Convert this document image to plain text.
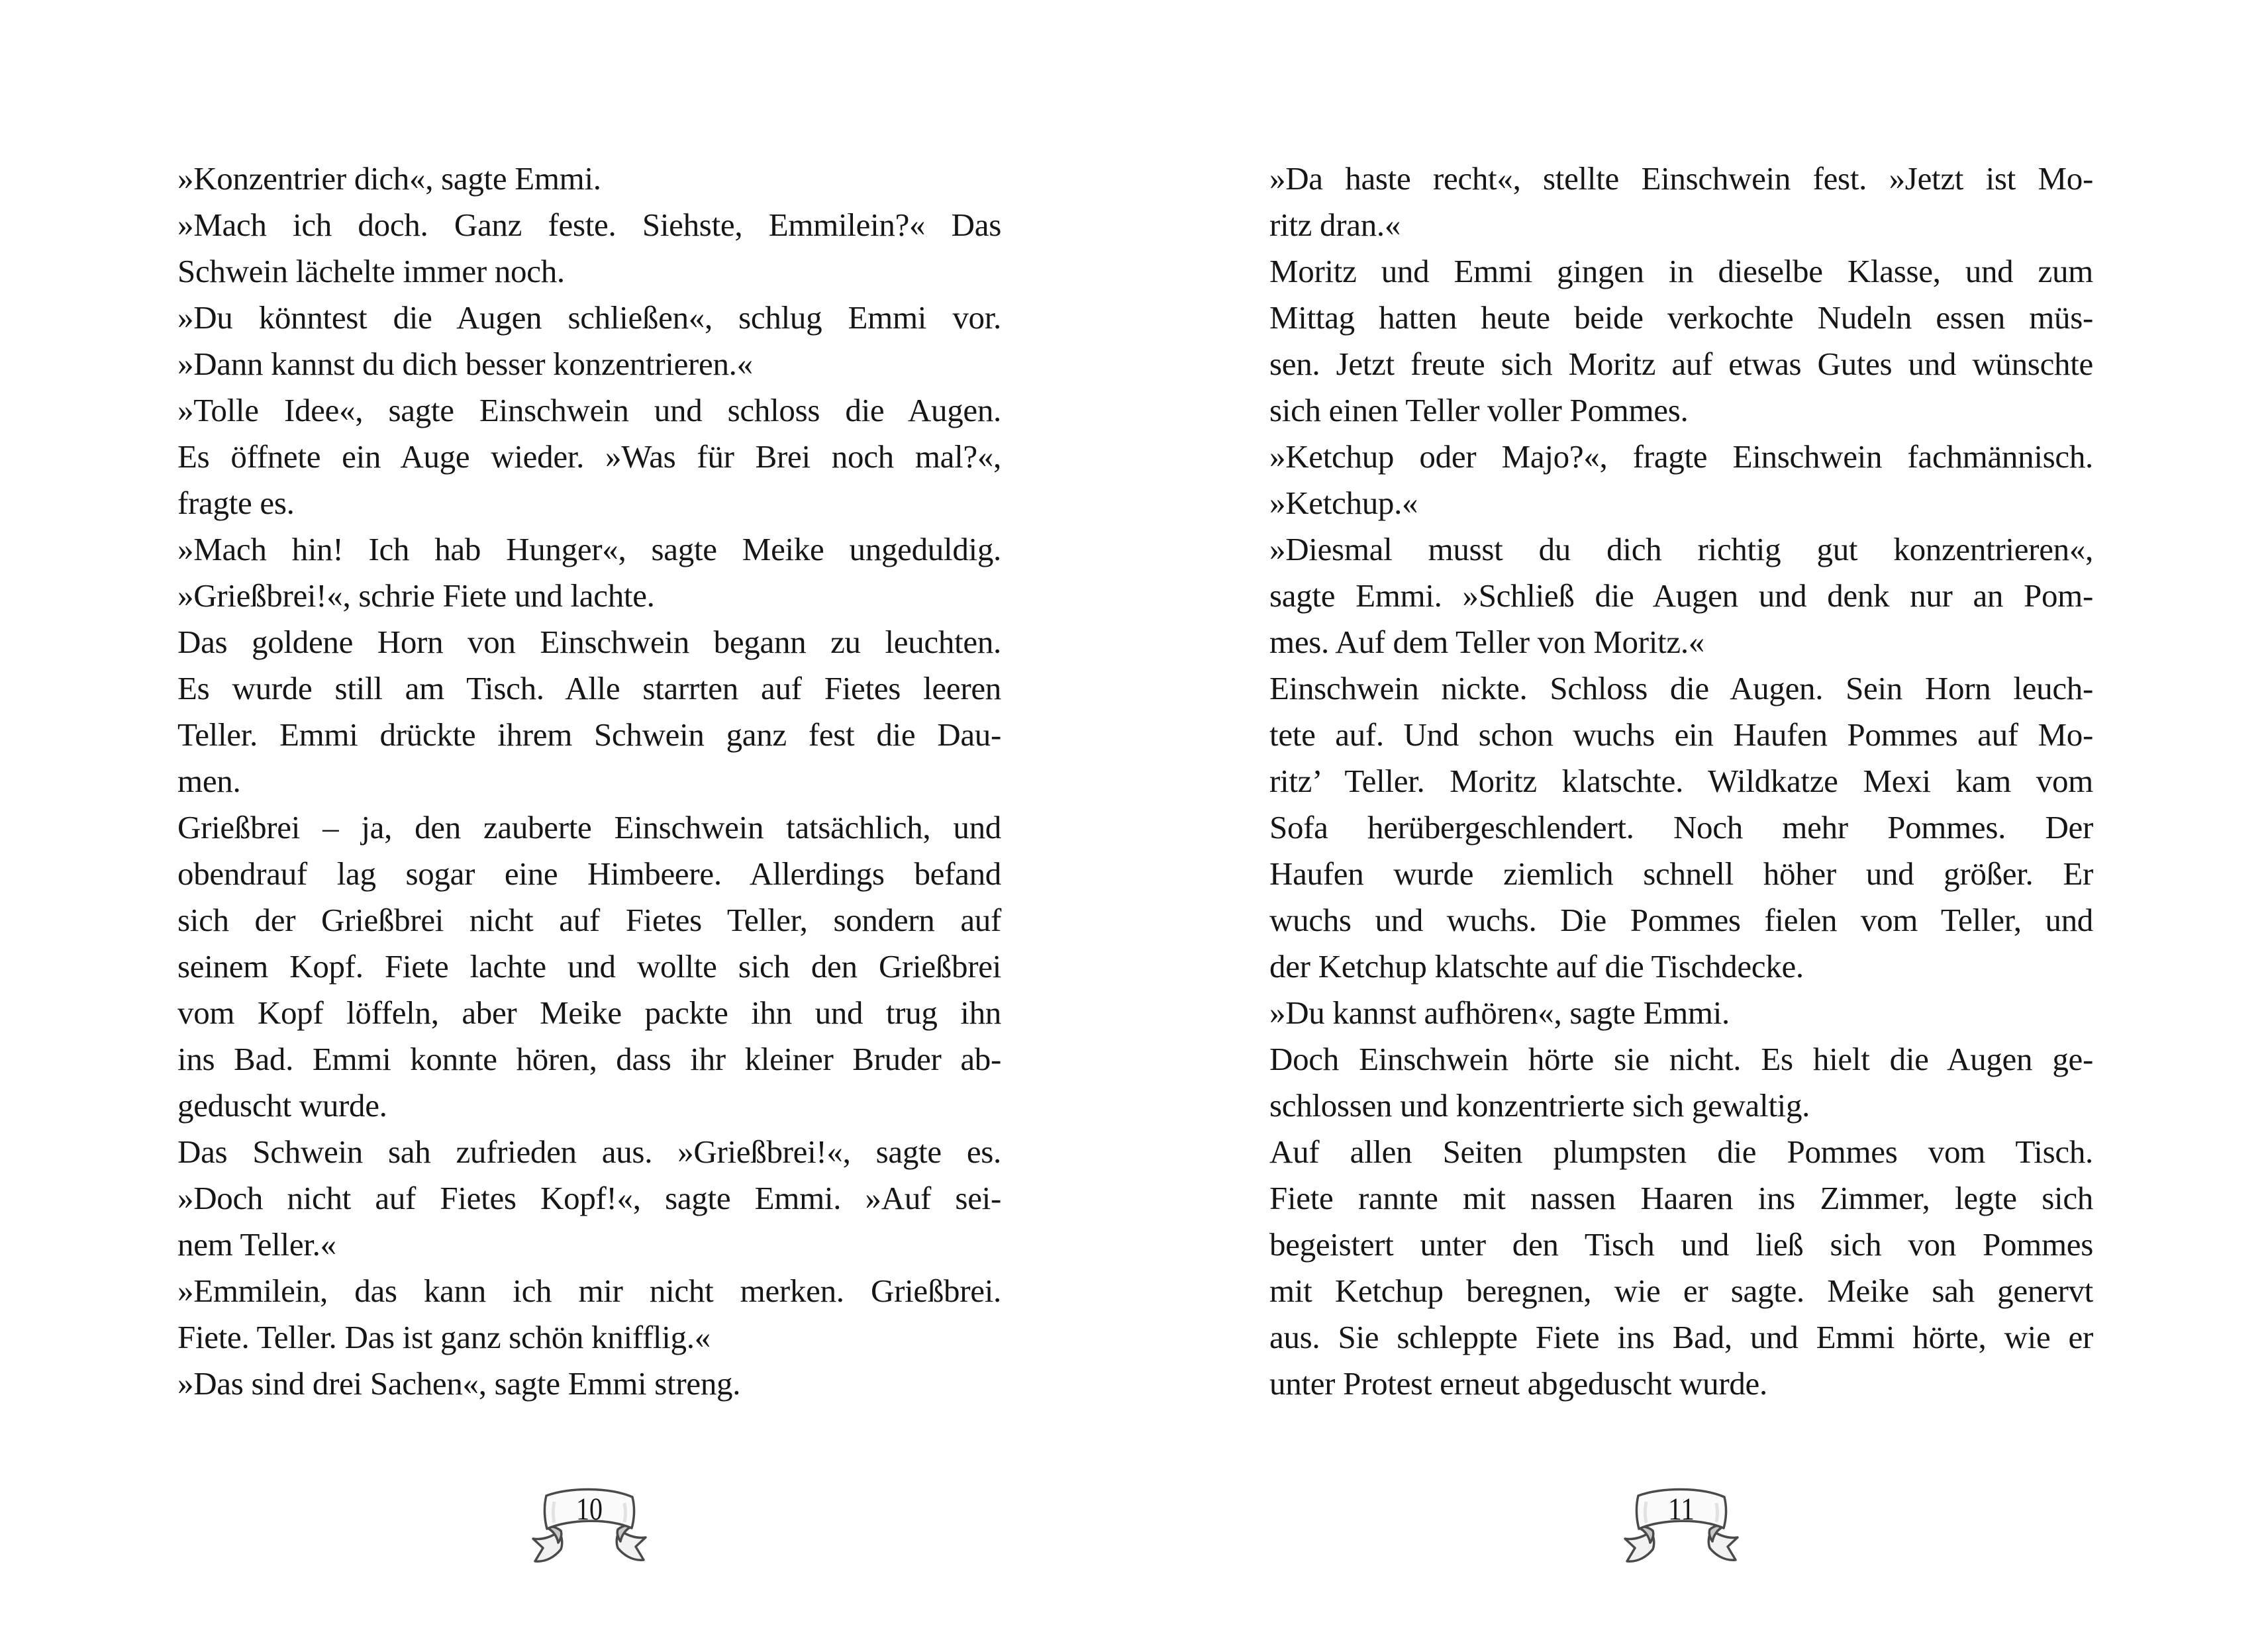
»Konzentrier dich«, sagte Emmi.
»Mach ich doch. Ganz feste. Siehste, Emmilein?« Das
Schwein lächelte immer noch.
»Du könntest die Augen schließen«, schlug Emmi vor.
»Dann kannst du dich besser konzentrieren.«
»Tolle Idee«, sagte Einschwein und schloss die Augen.
Es öffnete ein Auge wieder. »Was für Brei noch mal?«,
fragte es.
»Mach hin! Ich hab Hunger«, sagte Meike ungeduldig.
»Grießbrei!«, schrie Fiete und lachte.
Das goldene Horn von Einschwein begann zu leuchten.
Es wurde still am Tisch. Alle starrten auf Fietes leeren
Teller. Emmi drückte ihrem Schwein ganz fest die Dau-
men.
Grießbrei – ja, den zauberte Einschwein tatsächlich, und
obendrauf lag sogar eine Himbeere. Allerdings befand
sich der Grießbrei nicht auf Fietes Teller, sondern auf
seinem Kopf. Fiete lachte und wollte sich den Grießbrei
vom Kopf löffeln, aber Meike packte ihn und trug ihn
ins Bad. Emmi konnte hören, dass ihr kleiner Bruder ab-
geduscht wurde.
Das Schwein sah zufrieden aus. »Grießbrei!«, sagte es.
»Doch nicht auf Fietes Kopf!«, sagte Emmi. »Auf sei-
nem Teller.«
»Emmilein, das kann ich mir nicht merken. Grießbrei.
Fiete. Teller. Das ist ganz schön knifflig.«
»Das sind drei Sachen«, sagte Emmi streng.
10
»Da haste recht«, stellte Einschwein fest. »Jetzt ist Mo-
ritz dran.«
Moritz und Emmi gingen in dieselbe Klasse, und zum
Mittag hatten heute beide verkochte Nudeln essen müs-
sen. Jetzt freute sich Moritz auf etwas Gutes und wünschte
sich einen Teller voller Pommes.
»Ketchup oder Majo?«, fragte Einschwein fachmännisch.
»Ketchup.«
»Diesmal musst du dich richtig gut konzentrieren«,
sagte Emmi. »Schließ die Augen und denk nur an Pom-
mes. Auf dem Teller von Moritz.«
Einschwein nickte. Schloss die Augen. Sein Horn leuch-
tete auf. Und schon wuchs ein Haufen Pommes auf Mo-
ritz’ Teller. Moritz klatschte. Wildkatze Mexi kam vom
Sofa herübergeschlendert. Noch mehr Pommes. Der
Haufen wurde ziemlich schnell höher und größer. Er
wuchs und wuchs. Die Pommes fielen vom Teller, und
der Ketchup klatschte auf die Tischdecke.
»Du kannst aufhören«, sagte Emmi.
Doch Einschwein hörte sie nicht. Es hielt die Augen ge-
schlossen und konzentrierte sich gewaltig.
Auf allen Seiten plumpsten die Pommes vom Tisch.
Fiete rannte mit nassen Haaren ins Zimmer, legte sich
begeistert unter den Tisch und ließ sich von Pommes
mit Ketchup beregnen, wie er sagte. Meike sah genervt
aus. Sie schleppte Fiete ins Bad, und Emmi hörte, wie er
unter Protest erneut abgeduscht wurde.
11
